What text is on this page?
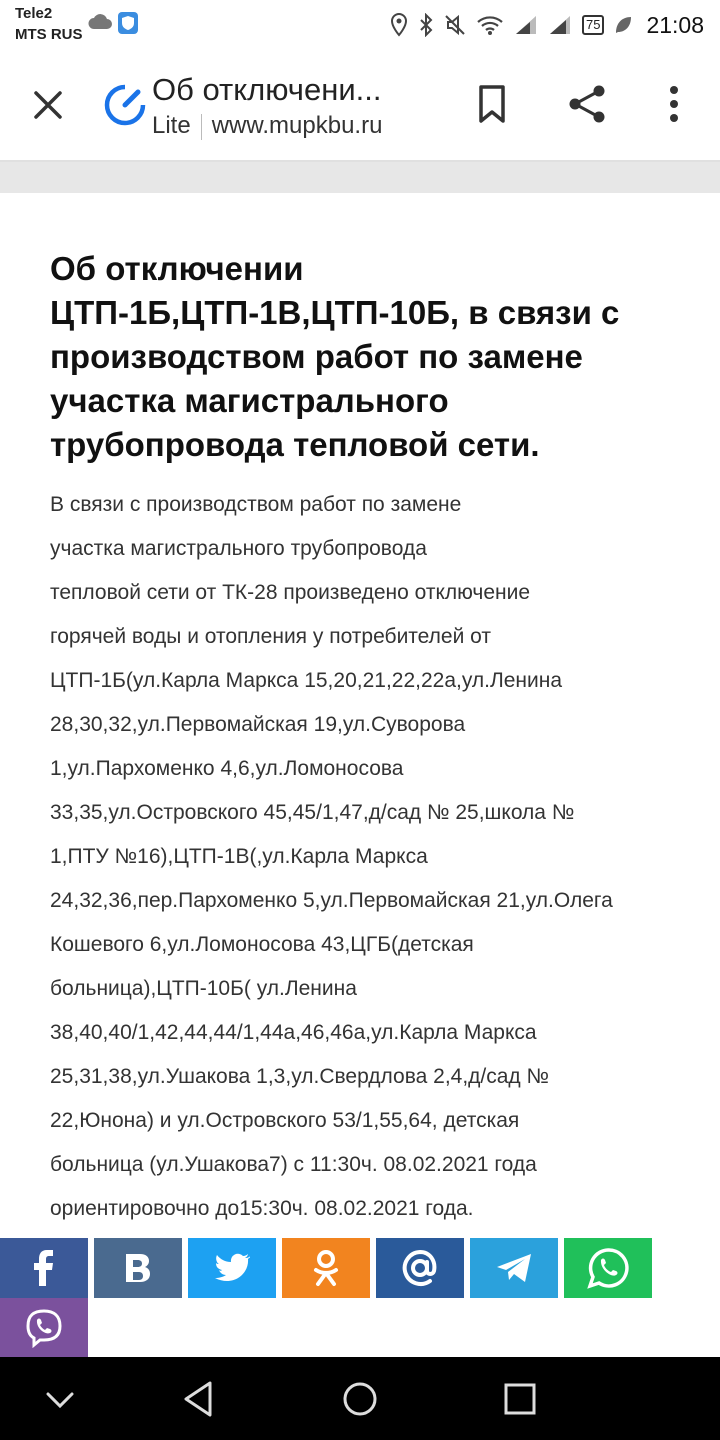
Tele2
MTS RUS
75 21:08
Об отключени...
Lite www.mupkbu.ru
Об отключении ЦТП-1Б,ЦТП-1В,ЦТП-10Б, в связи с производством работ по замене участка магистрального трубопровода тепловой сети.
В связи с производством работ по замене
участка магистрального трубопровода
тепловой сети от ТК-28 произведено отключение
горячей воды и отопления у потребителей от
ЦТП-1Б(ул.Карла Маркса 15,20,21,22,22а,ул.Ленина
28,30,32,ул.Первомайская 19,ул.Суворова
1,ул.Пархоменко 4,6,ул.Ломоносова
33,35,ул.Островского 45,45/1,47,д/сад № 25,школа №
1,ПТУ №16),ЦТП-1В(,ул.Карла Маркса
24,32,36,пер.Пархоменко 5,ул.Первомайская 21,ул.Олега
Кошевого 6,ул.Ломоносова 43,ЦГБ(детская
больница),ЦТП-10Б( ул.Ленина
38,40,40/1,42,44,44/1,44а,46,46а,ул.Карла Маркса
25,31,38,ул.Ушакова 1,3,ул.Свердлова 2,4,д/сад №
22,Юнона) и ул.Островского 53/1,55,64, детская
больница (ул.Ушакова7) с 11:30ч. 08.02.2021 года
ориентировочно до15:30ч. 08.02.2021 года.
